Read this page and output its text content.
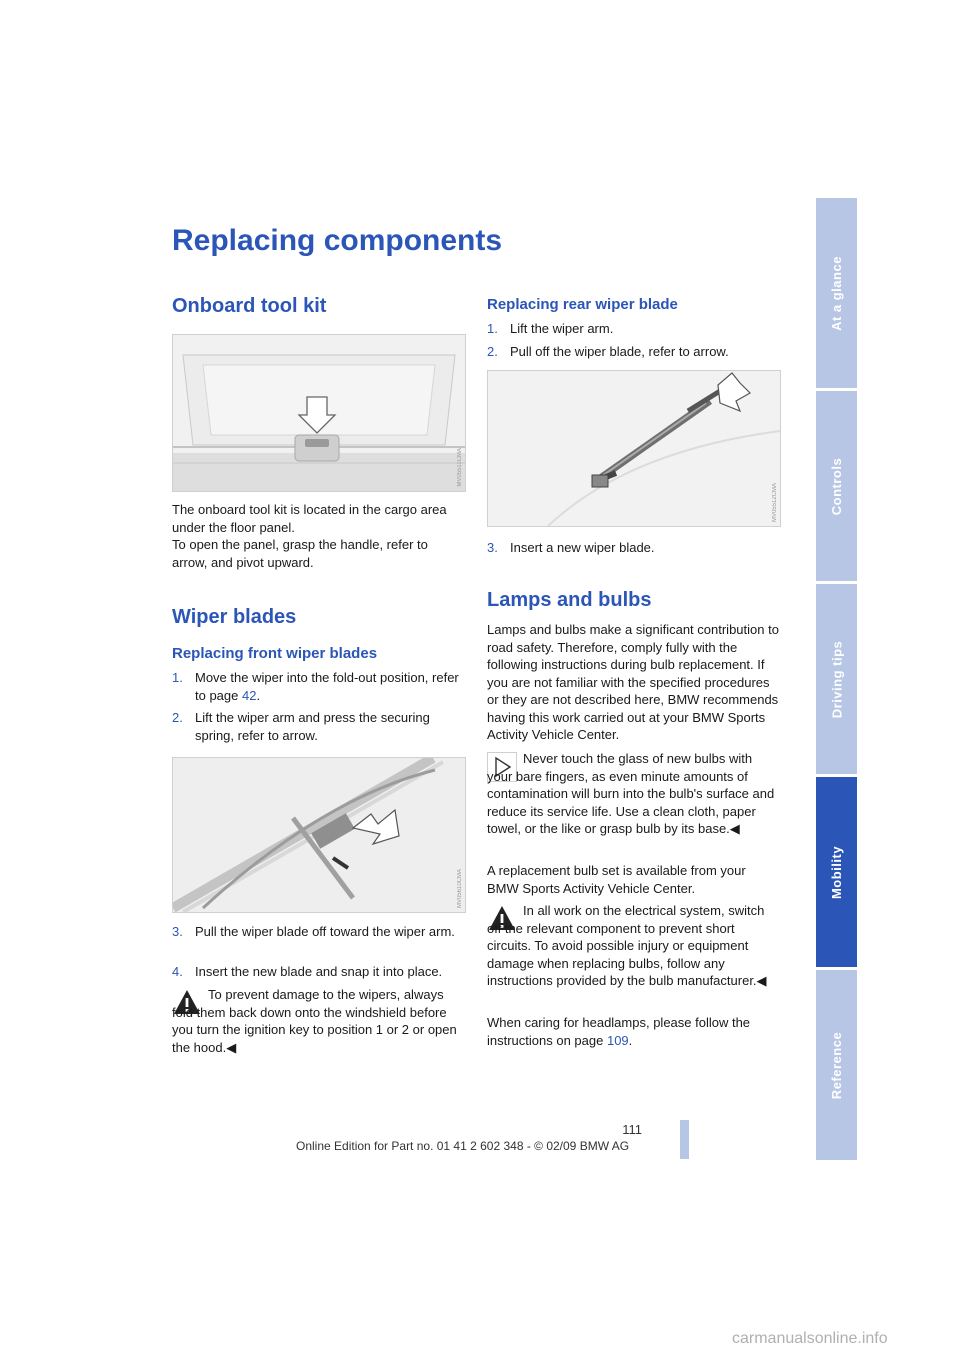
At a glance
Controls
Driving tips
Mobility
Reference
Replacing components
Onboard tool kit
MV05511CMA

The onboard tool kit is located in the cargo area under the floor panel.

To open the panel, grasp the handle, refer to arrow, and pivot upward.

Wiper blades
Replacing front wiper blades
1. Move the wiper into the fold-out position, refer to page 42.
2. Lift the wiper arm and press the securing spring, refer to arrow.
MV05610CMA
3. Pull the wiper blade off toward the wiper arm.
4. Insert the new blade and snap it into place.

To prevent damage to the wipers, always fold them back down onto the windshield before you turn the ignition key to position 1 or 2 or open the hood.◀

Replacing rear wiper blade
1. Lift the wiper arm.
2. Pull off the wiper blade, refer to arrow.
MV05512CMA
3. Insert a new wiper blade.
Lamps and bulbs

Lamps and bulbs make a significant contribution to road safety. Therefore, comply fully with the following instructions during bulb replacement. If you are not familiar with the specified procedures or they are not described here, BMW recommends having this work carried out at your BMW Sports Activity Vehicle Center.

Never touch the glass of new bulbs with your bare fingers, as even minute amounts of contamination will burn into the bulb's surface and reduce its service life. Use a clean cloth, paper towel, or the like or grasp bulb by its base.◀

A replacement bulb set is available from your BMW Sports Activity Vehicle Center.

In all work on the electrical system, switch off the relevant component to prevent short circuits. To avoid possible injury or equipment damage when replacing bulbs, follow any instructions provided by the bulb manufacturer.◀

When caring for headlamps, please follow the instructions on page 109.

111
Online Edition for Part no. 01 41 2 602 348 - © 02/09 BMW AG
carmanualsonline.info
